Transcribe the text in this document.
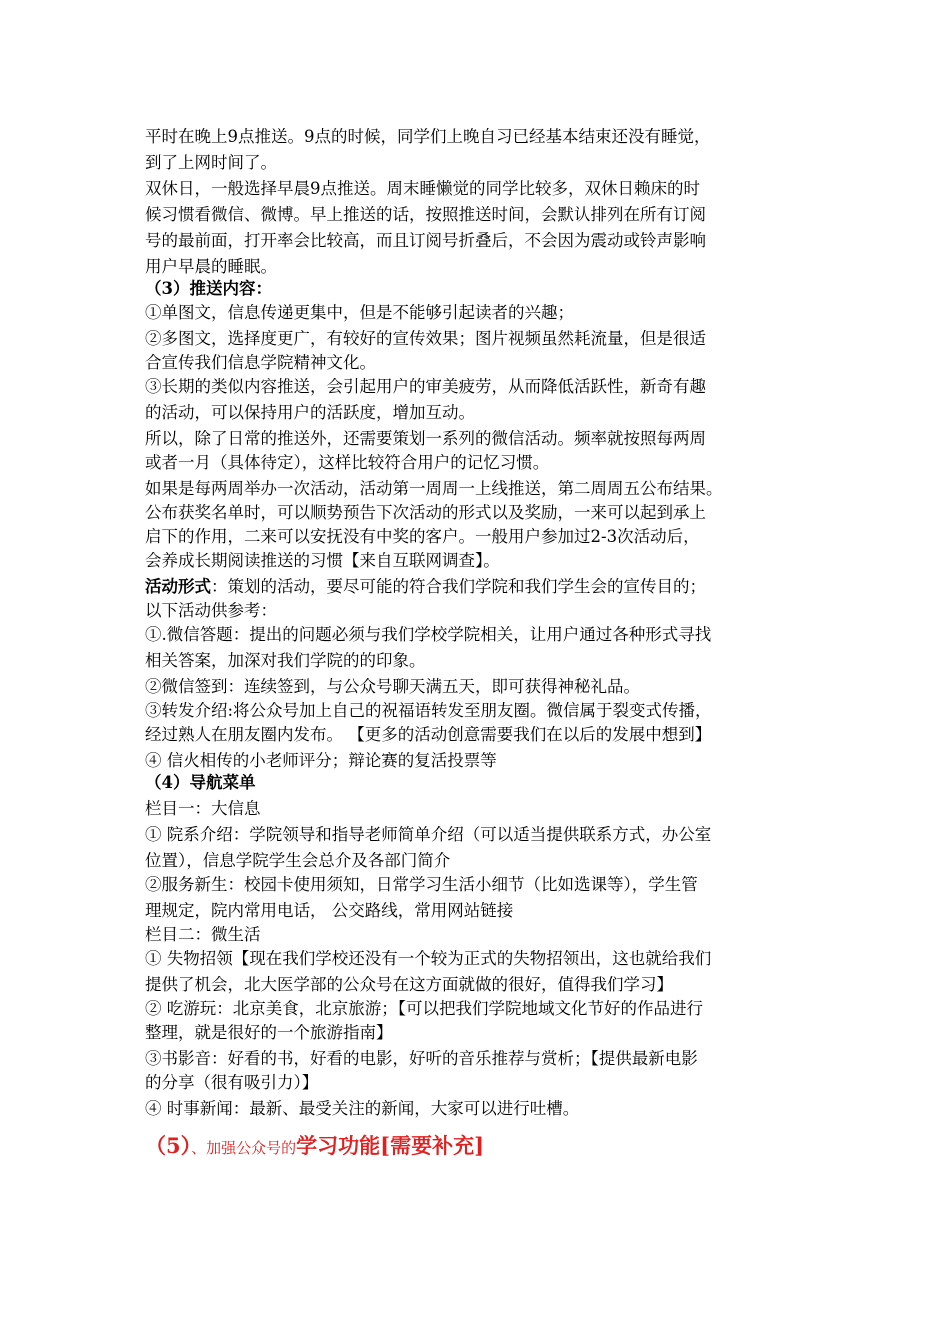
平时在晚上9点推送。9点的时候，同学们上晚自习已经基本结束还没有睡觉，
到了上网时间了。
双休日，一般选择早晨9点推送。周末睡懒觉的同学比较多，双休日赖床的时
候习惯看微信、微博。早上推送的话，按照推送时间，会默认排列在所有订阅
号的最前面，打开率会比较高，而且订阅号折叠后，不会因为震动或铃声影响
用户早晨的睡眠。
（3）推送内容：
①单图文，信息传递更集中，但是不能够引起读者的兴趣；
②多图文，选择度更广，有较好的宣传效果；图片视频虽然耗流量，但是很适
合宣传我们信息学院精神文化。
③长期的类似内容推送，会引起用户的审美疲劳，从而降低活跃性，新奇有趣
的活动，可以保持用户的活跃度，增加互动。
所以，除了日常的推送外，还需要策划一系列的微信活动。频率就按照每两周
或者一月（具体待定），这样比较符合用户的记忆习惯。
如果是每两周举办一次活动，活动第一周周一上线推送，第二周周五公布结果。
公布获奖名单时，可以顺势预告下次活动的形式以及奖励，一来可以起到承上
启下的作用，二来可以安抚没有中奖的客户。一般用户参加过2-3次活动后，
会养成长期阅读推送的习惯【来自互联网调查】。
活动形式：策划的活动，要尽可能的符合我们学院和我们学生会的宣传目的；
以下活动供参考：
①.微信答题：提出的问题必须与我们学校学院相关，让用户通过各种形式寻找
相关答案，加深对我们学院的的印象。
②微信签到：连续签到，与公众号聊天满五天，即可获得神秘礼品。
③转发介绍:将公众号加上自己的祝福语转发至朋友圈。微信属于裂变式传播，
经过熟人在朋友圈内发布。 【更多的活动创意需要我们在以后的发展中想到】
④ 信火相传的小老师评分；辩论赛的复活投票等
（4）导航菜单
栏目一：大信息
① 院系介绍：学院领导和指导老师简单介绍（可以适当提供联系方式，办公室
位置），信息学院学生会总介及各部门简介
②服务新生：校园卡使用须知，日常学习生活小细节（比如选课等），学生管
理规定，院内常用电话， 公交路线，常用网站链接
栏目二：微生活
① 失物招领【现在我们学校还没有一个较为正式的失物招领出，这也就给我们
提供了机会，北大医学部的公众号在这方面就做的很好，值得我们学习】
② 吃游玩：北京美食，北京旅游；【可以把我们学院地域文化节好的作品进行
整理，就是很好的一个旅游指南】
③书影音：好看的书，好看的电影，好听的音乐推荐与赏析；【提供最新电影
的分享（很有吸引力）】
④ 时事新闻：最新、最受关注的新闻，大家可以进行吐槽。
（5）、加强公众号的学习功能[需要补充]
